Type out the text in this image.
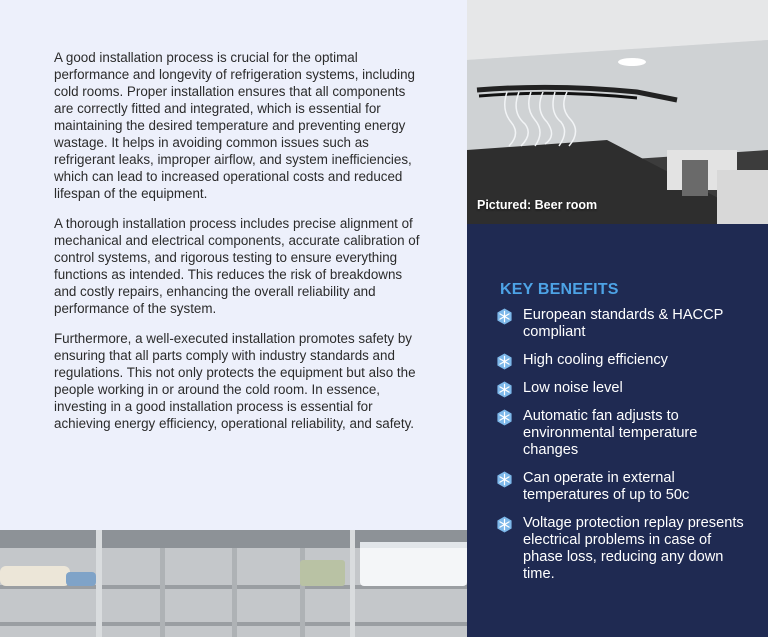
A good installation process is crucial for the optimal performance and longevity of refrigeration systems, including cold rooms. Proper installation ensures that all components are correctly fitted and integrated, which is essential for maintaining the desired temperature and preventing energy wastage. It helps in avoiding common issues such as refrigerant leaks, improper airflow, and system inefficiencies, which can lead to increased operational costs and reduced lifespan of the equipment.

A thorough installation process includes precise alignment of mechanical and electrical components, accurate calibration of control systems, and rigorous testing to ensure everything functions as intended. This reduces the risk of breakdowns and costly repairs, enhancing the overall reliability and performance of the system.

Furthermore, a well-executed installation promotes safety by ensuring that all parts comply with industry standards and regulations. This not only protects the equipment but also the people working in or around the cold room. In essence, investing in a good installation process is essential for achieving energy efficiency, operational reliability, and safety.

Pictured: Beer room
KEY BENEFITS
European standards & HACCP compliant
High cooling efficiency
Low noise level
Automatic fan adjusts to environmental temperature changes
Can operate in external temperatures of up to 50c
Voltage protection replay presents electrical problems in case of phase loss, reducing any down time.
